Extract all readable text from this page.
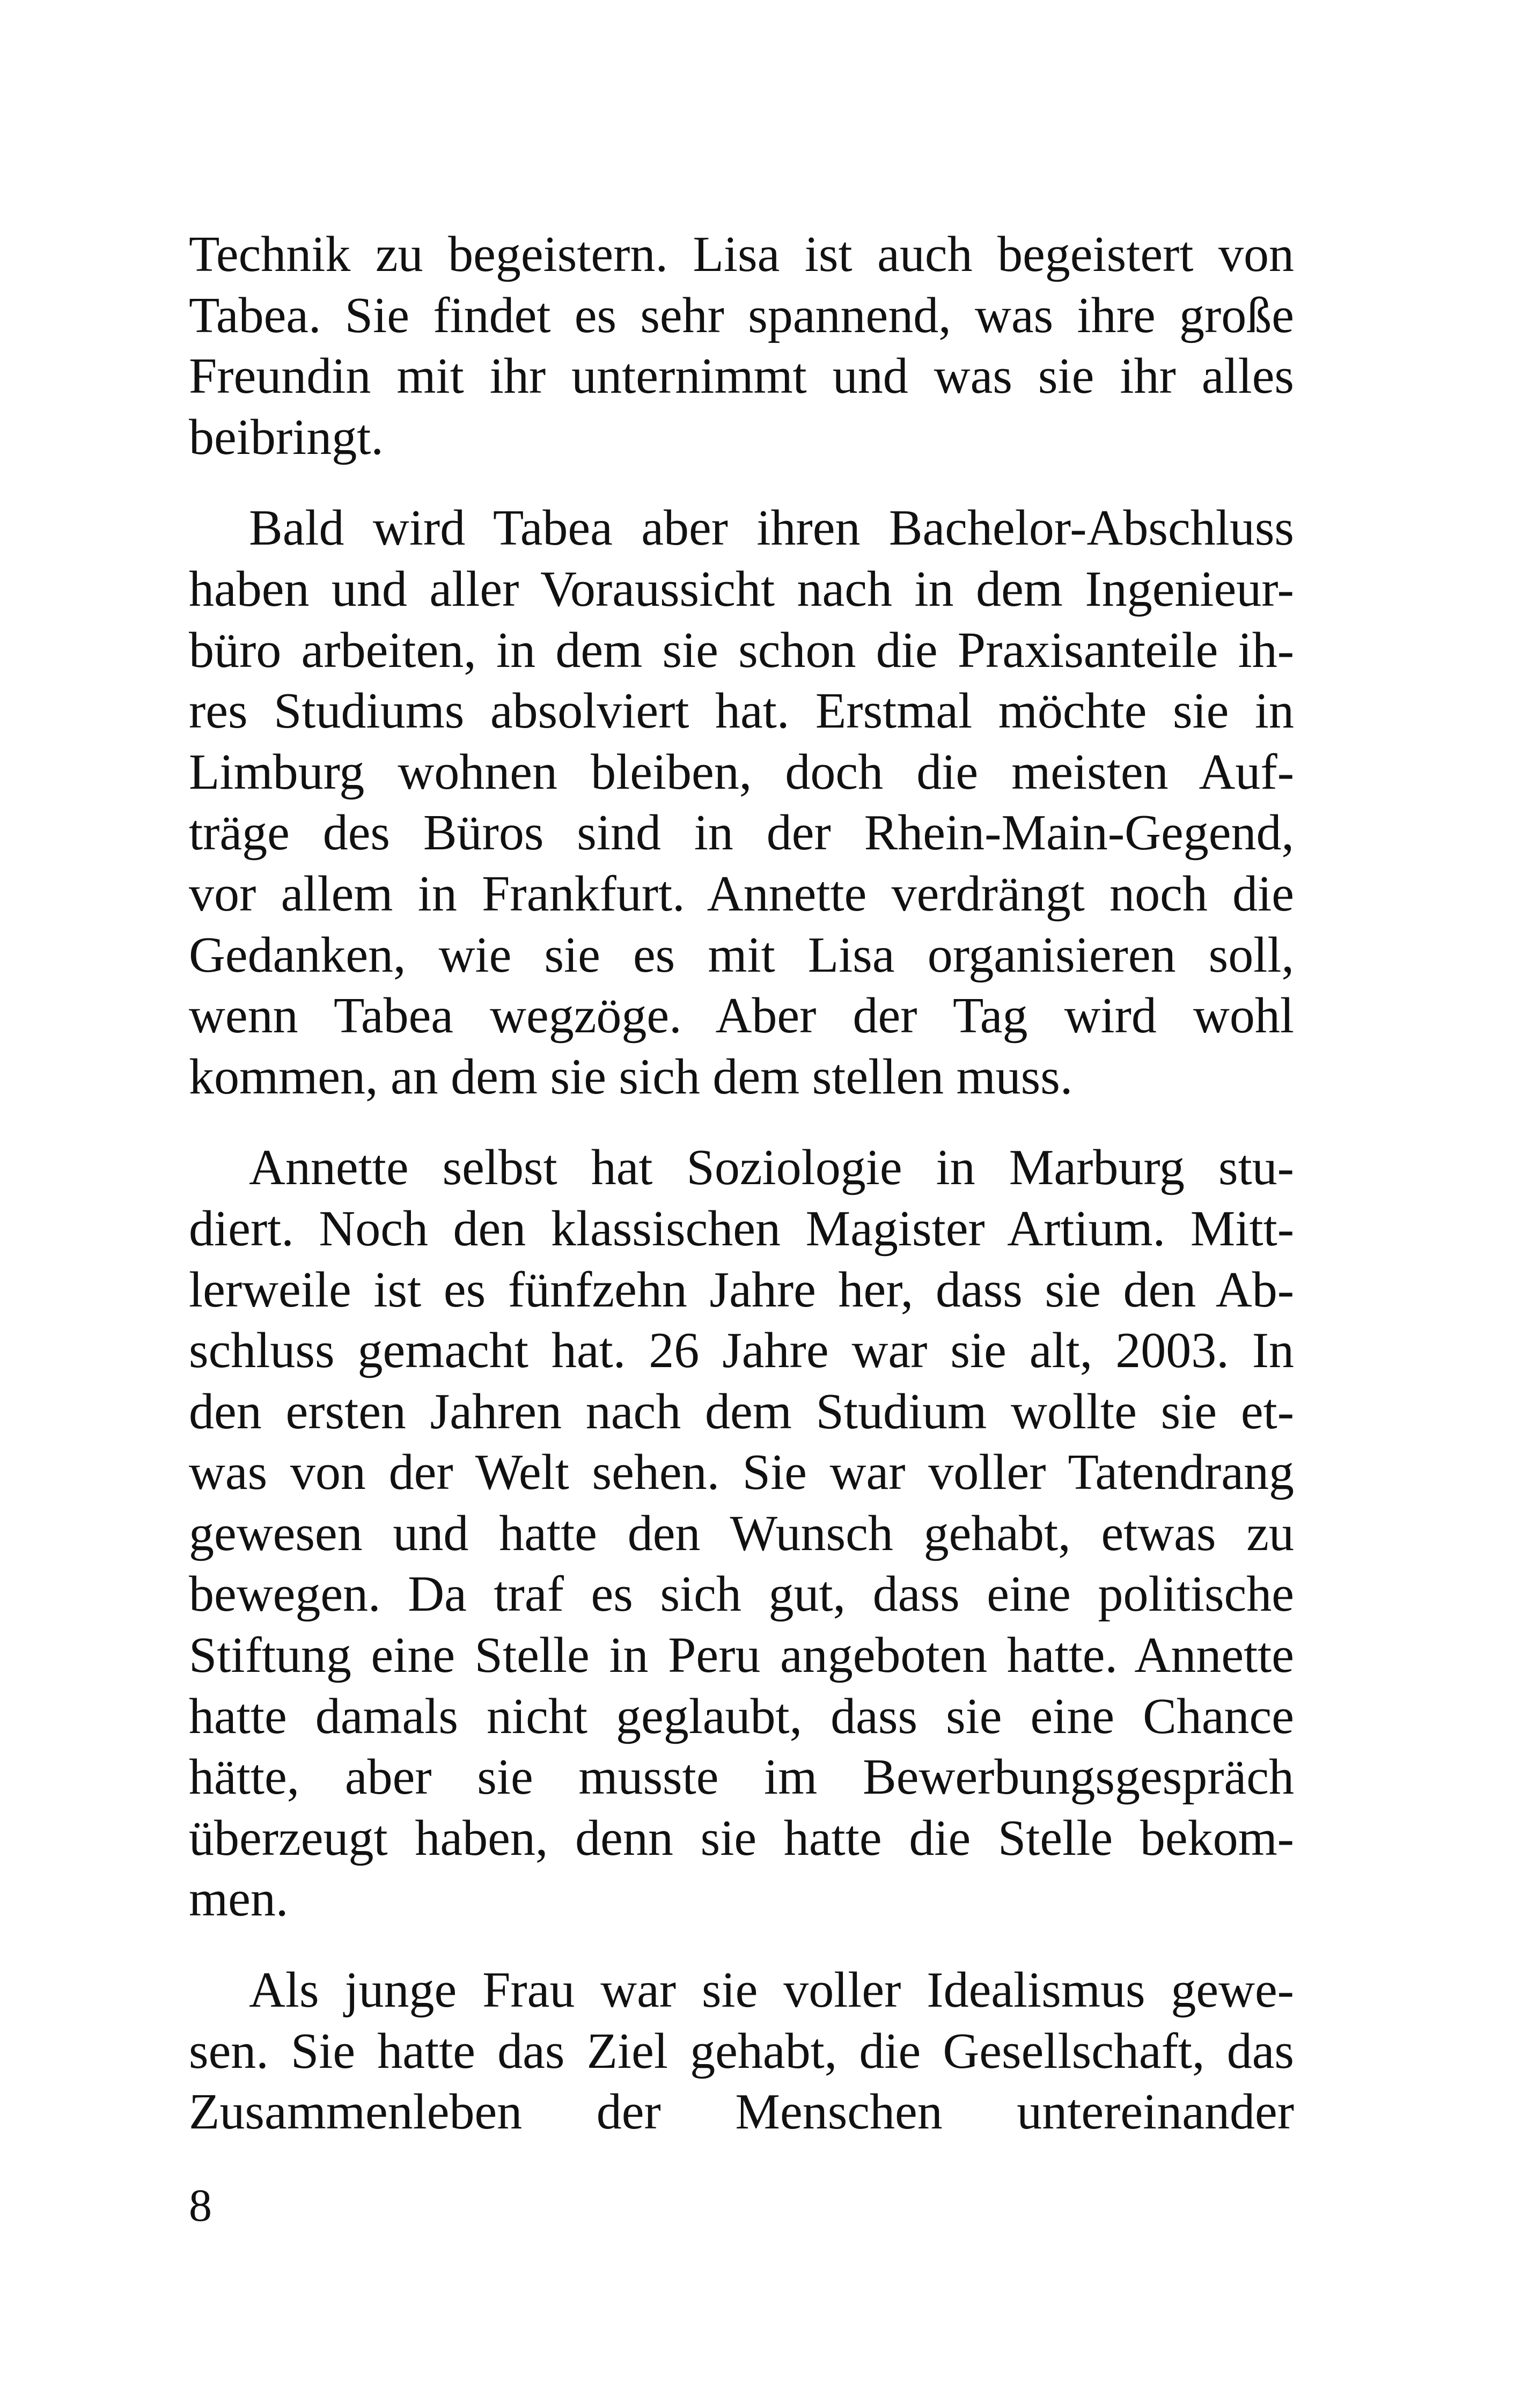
Technik zu begeistern. Lisa ist auch begeistert von
Tabea. Sie findet es sehr spannend, was ihre große
Freundin mit ihr unternimmt und was sie ihr alles
beibringt.
Bald wird Tabea aber ihren Bachelor-Abschluss
haben und aller Voraussicht nach in dem Ingenieur-
büro arbeiten, in dem sie schon die Praxisanteile ih-
res Studiums absolviert hat. Erstmal möchte sie in
Limburg wohnen bleiben, doch die meisten Auf-
träge des Büros sind in der Rhein-Main-Gegend,
vor allem in Frankfurt. Annette verdrängt noch die
Gedanken, wie sie es mit Lisa organisieren soll,
wenn Tabea wegzöge. Aber der Tag wird wohl
kommen, an dem sie sich dem stellen muss.
Annette selbst hat Soziologie in Marburg stu-
diert. Noch den klassischen Magister Artium. Mitt-
lerweile ist es fünfzehn Jahre her, dass sie den Ab-
schluss gemacht hat. 26 Jahre war sie alt, 2003. In
den ersten Jahren nach dem Studium wollte sie et-
was von der Welt sehen. Sie war voller Tatendrang
gewesen und hatte den Wunsch gehabt, etwas zu
bewegen. Da traf es sich gut, dass eine politische
Stiftung eine Stelle in Peru angeboten hatte. Annette
hatte damals nicht geglaubt, dass sie eine Chance
hätte, aber sie musste im Bewerbungsgespräch
überzeugt haben, denn sie hatte die Stelle bekom-
men.
Als junge Frau war sie voller Idealismus gewe-
sen. Sie hatte das Ziel gehabt, die Gesellschaft, das
Zusammenleben der Menschen untereinander
8
